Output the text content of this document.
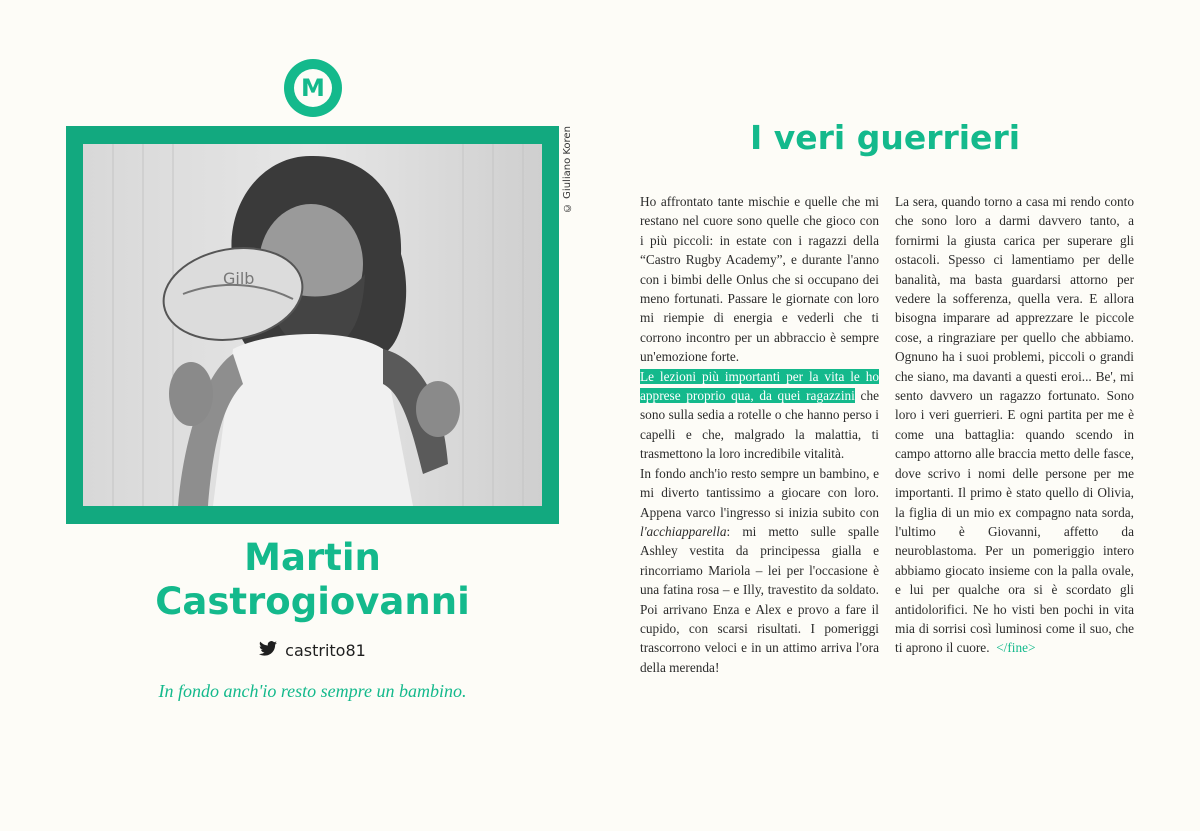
M
Gilb
© Giuliano Koren
Martin
Castrogiovanni
castrito81
In fondo anch'io resto sempre un bambino.
I veri guerrieri

Ho affrontato tante mischie e quelle che mi restano nel cuore sono quelle che gioco con i più piccoli: in estate con i ragazzi della “Castro Rugby Academy”, e durante l'anno con i bimbi delle Onlus che si occupano dei meno fortunati. Passare le giornate con loro mi riempie di energia e vederli che ti corrono incontro per un abbraccio è sempre un'emozione forte.

Le lezioni più importanti per la vita le ho apprese proprio qua, da quei ragazzini che sono sulla sedia a rotelle o che hanno perso i capelli e che, malgrado la malattia, ti trasmettono la loro incredibile vitalità.

In fondo anch'io resto sempre un bambino, e mi diverto tantissimo a giocare con loro. Appena varco l'ingresso si inizia subito con l'acchiapparella: mi metto sulle spalle Ashley vestita da principessa gialla e rincorriamo Mariola – lei per l'occasione è una fatina rosa – e Illy, travestito da soldato. Poi arrivano Enza e Alex e provo a fare il cupido, con scarsi risultati. I pomeriggi trascorrono veloci e in un attimo arriva l'ora della merenda!

La sera, quando torno a casa mi rendo conto che sono loro a darmi davvero tanto, a fornirmi la giusta carica per superare gli ostacoli. Spesso ci lamentiamo per delle banalità, ma basta guardarsi attorno per vedere la sofferenza, quella vera. E allora bisogna imparare ad apprezzare le piccole cose, a ringraziare per quello che abbiamo. Ognuno ha i suoi problemi, piccoli o grandi che siano, ma davanti a questi eroi... Be', mi sento davvero un ragazzo fortunato. Sono loro i veri guerrieri. E ogni partita per me è come una battaglia: quando scendo in campo attorno alle braccia metto delle fasce, dove scrivo i nomi delle persone per me importanti. Il primo è stato quello di Olivia, la figlia di un mio ex compagno nata sorda, l'ultimo è Giovanni, affetto da neuroblastoma. Per un pomeriggio intero abbiamo giocato insieme con la palla ovale, e lui per qualche ora si è scordato gli antidolorifici. Ne ho visti ben pochi in vita mia di sorrisi così luminosi come il suo, che ti aprono il cuore. </fine>
